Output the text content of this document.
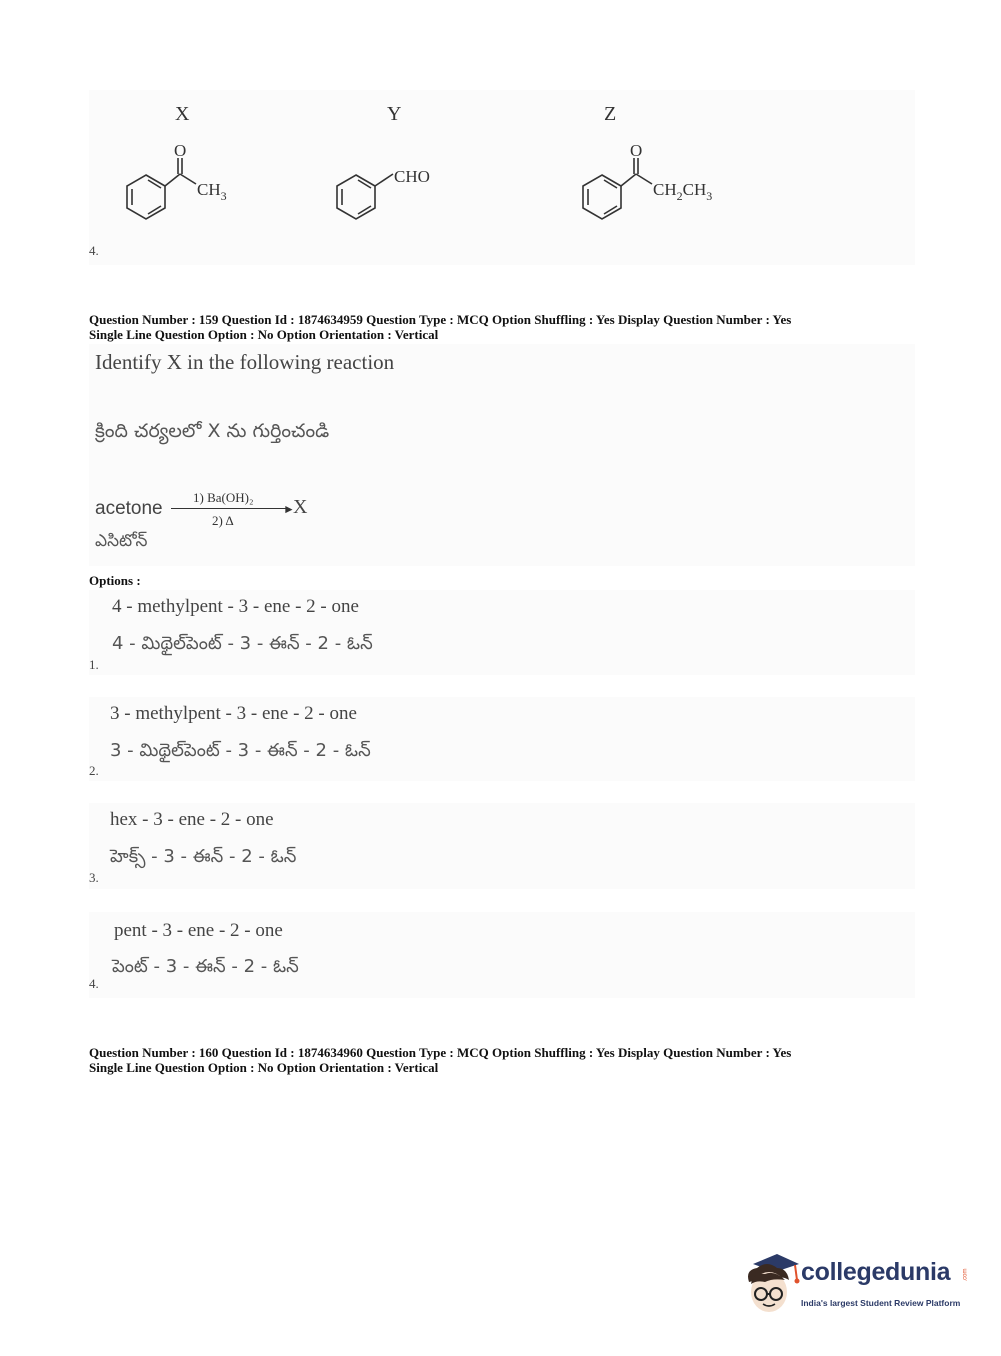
X	Y	Z
O
$CH_3$
CHO
O
$CH_2CH_3$
4.
Question Number : 159 Question Id : 1874634959 Question Type : MCQ Option Shuffling : Yes Display Question Number : Yes
Single Line Question Option : No Option Orientation : Vertical
Identify X in the following reaction
క్రింది చర్యలలో X ను గుర్తించండి
acetone
1) Ba(OH)₂
►
2) Δ
X
ఎసిటోన్
Options :
4 - methylpent - 3 - ene - 2 - one
4 - మిథైల్‌పెంట్ - 3 - ఈన్ - 2 - ఓన్
1.
3 - methylpent - 3 - ene - 2 - one
3 - మిథైల్‌పెంట్ - 3 - ఈన్ - 2 - ఓన్
2.
hex - 3 - ene - 2 - one
హెక్స్ - 3 - ఈన్ - 2 - ఓన్
3.
pent - 3 - ene - 2 - one
పెంట్ - 3 - ఈన్ - 2 - ఓన్
4.
Question Number : 160 Question Id : 1874634960 Question Type : MCQ Option Shuffling : Yes Display Question Number : Yes
Single Line Question Option : No Option Orientation : Vertical
collegedunia .com
India's largest Student Review Platform
